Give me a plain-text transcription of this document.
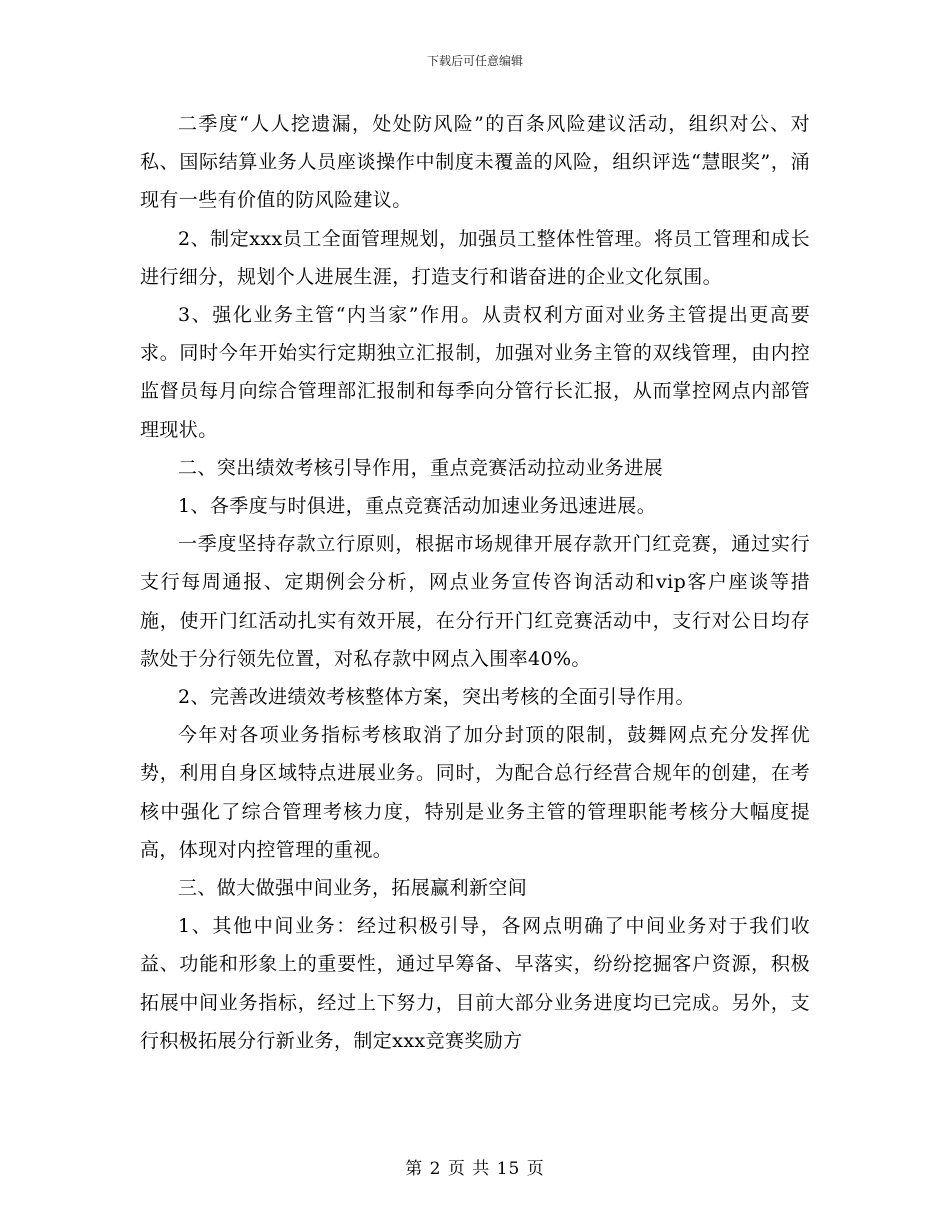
下载后可任意编辑

二季度“人人挖遗漏，处处防风险”的百条风险建议活动，组织对公、对私、国际结算业务人员座谈操作中制度未覆盖的风险，组织评选“慧眼奖”，涌现有一些有价值的防风险建议。

2、制定xxx员工全面管理规划，加强员工整体性管理。将员工管理和成长进行细分，规划个人进展生涯，打造支行和谐奋进的企业文化氛围。

3、强化业务主管“内当家”作用。从责权利方面对业务主管提出更高要求。同时今年开始实行定期独立汇报制，加强对业务主管的双线管理，由内控监督员每月向综合管理部汇报制和每季向分管行长汇报，从而掌控网点内部管理现状。

二、突出绩效考核引导作用，重点竞赛活动拉动业务进展

1、各季度与时俱进，重点竞赛活动加速业务迅速进展。

一季度坚持存款立行原则，根据市场规律开展存款开门红竞赛，通过实行支行每周通报、定期例会分析，网点业务宣传咨询活动和vip客户座谈等措施，使开门红活动扎实有效开展，在分行开门红竞赛活动中，支行对公日均存款处于分行领先位置，对私存款中网点入围率40%。

2、完善改进绩效考核整体方案，突出考核的全面引导作用。

今年对各项业务指标考核取消了加分封顶的限制，鼓舞网点充分发挥优势，利用自身区域特点进展业务。同时，为配合总行经营合规年的创建，在考核中强化了综合管理考核力度，特别是业务主管的管理职能考核分大幅度提高，体现对内控管理的重视。

三、做大做强中间业务，拓展赢利新空间

1、其他中间业务：经过积极引导，各网点明确了中间业务对于我们收益、功能和形象上的重要性，通过早筹备、早落实，纷纷挖掘客户资源，积极拓展中间业务指标，经过上下努力，目前大部分业务进度均已完成。另外，支行积极拓展分行新业务，制定xxx竞赛奖励方

第 2 页 共 15 页
